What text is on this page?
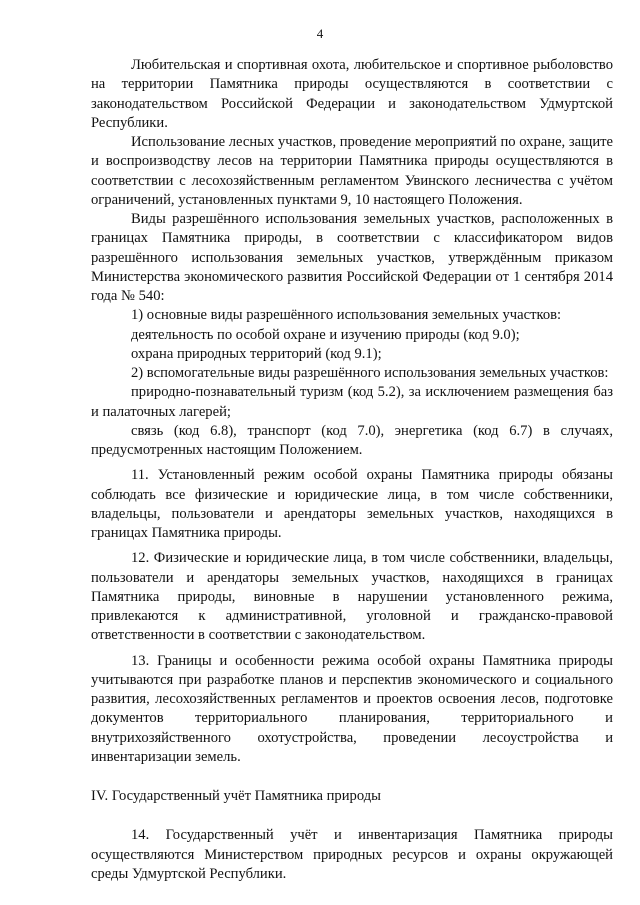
4

Любительская и спортивная охота, любительское и спортивное рыболовство на территории Памятника природы осуществляются в соответствии с законодательством Российской Федерации и законодательством Удмуртской Республики.

Использование лесных участков, проведение мероприятий по охране, защите и воспроизводству лесов на территории Памятника природы осуществляются в соответствии с лесохозяйственным регламентом Увинского лесничества с учётом ограничений, установленных пунктами 9, 10 настоящего Положения.

Виды разрешённого использования земельных участков, расположенных в границах Памятника природы, в соответствии с классификатором видов разрешённого использования земельных участков, утверждённым приказом Министерства экономического развития Российской Федерации от 1 сентября 2014 года № 540:

1) основные виды разрешённого использования земельных участков:

деятельность по особой охране и изучению природы (код 9.0);

охрана природных территорий (код 9.1);

2) вспомогательные виды разрешённого использования земельных участков:

природно-познавательный туризм (код 5.2), за исключением размещения баз и палаточных лагерей;

связь (код 6.8), транспорт (код 7.0), энергетика (код 6.7) в случаях, предусмотренных настоящим Положением.

11. Установленный режим особой охраны Памятника природы обязаны соблюдать все физические и юридические лица, в том числе собственники, владельцы, пользователи и арендаторы земельных участков, находящихся в границах Памятника природы.

12. Физические и юридические лица, в том числе собственники, владельцы, пользователи и арендаторы земельных участков, находящихся в границах Памятника природы, виновные в нарушении установленного режима, привлекаются к административной, уголовной и гражданско-правовой ответственности в соответствии с законодательством.

13. Границы и особенности режима особой охраны Памятника природы учитываются при разработке планов и перспектив экономического и социального развития, лесохозяйственных регламентов и проектов освоения лесов, подготовке документов территориального планирования, территориального и внутрихозяйственного охотустройства, проведении лесоустройства и инвентаризации земель.

IV. Государственный учёт Памятника природы

14. Государственный учёт и инвентаризация Памятника природы осуществляются Министерством природных ресурсов и охраны окружающей среды Удмуртской Республики.
